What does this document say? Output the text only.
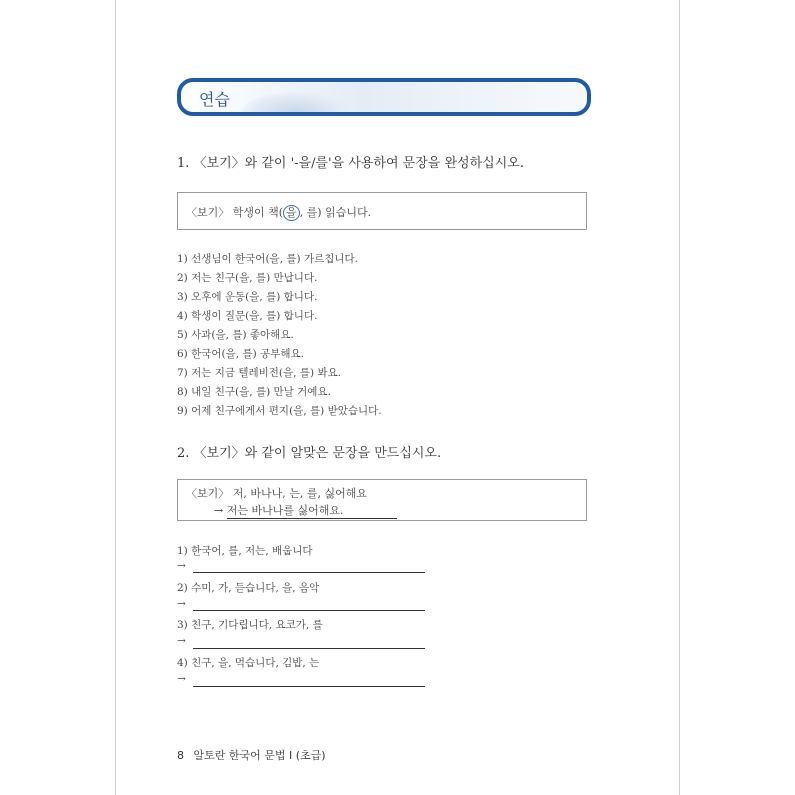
연습
1. 〈보기〉와 같이 '-을/를'을 사용하여 문장을 완성하십시오.
〈보기〉 학생이 책( 을 , 를) 읽습니다.
1) 선생님이 한국어(을, 를) 가르칩니다.
2) 저는 친구(을, 를) 만납니다.
3) 오후에 운동(을, 를) 합니다.
4) 학생이 질문(을, 를) 합니다.
5) 사과(을, 를) 좋아해요.
6) 한국어(을, 를) 공부해요.
7) 저는 지금 텔레비전(을, 를) 봐요.
8) 내일 친구(을, 를) 만날 거예요.
9) 어제 친구에게서 편지(을, 를) 받았습니다.
2. 〈보기〉와 같이 알맞은 문장을 만드십시오.
〈보기〉 저, 바나나, 는, 를, 싫어해요
→ 저는 바나나를 싫어해요.
1) 한국어, 를, 저는, 배웁니다
→
2) 수미, 가, 듣습니다, 을, 음악
→
3) 친구, 기다립니다, 요코가, 를
→
4) 친구, 을, 먹습니다, 김밥, 는
→
8 알토란 한국어 문법 I (초급)
